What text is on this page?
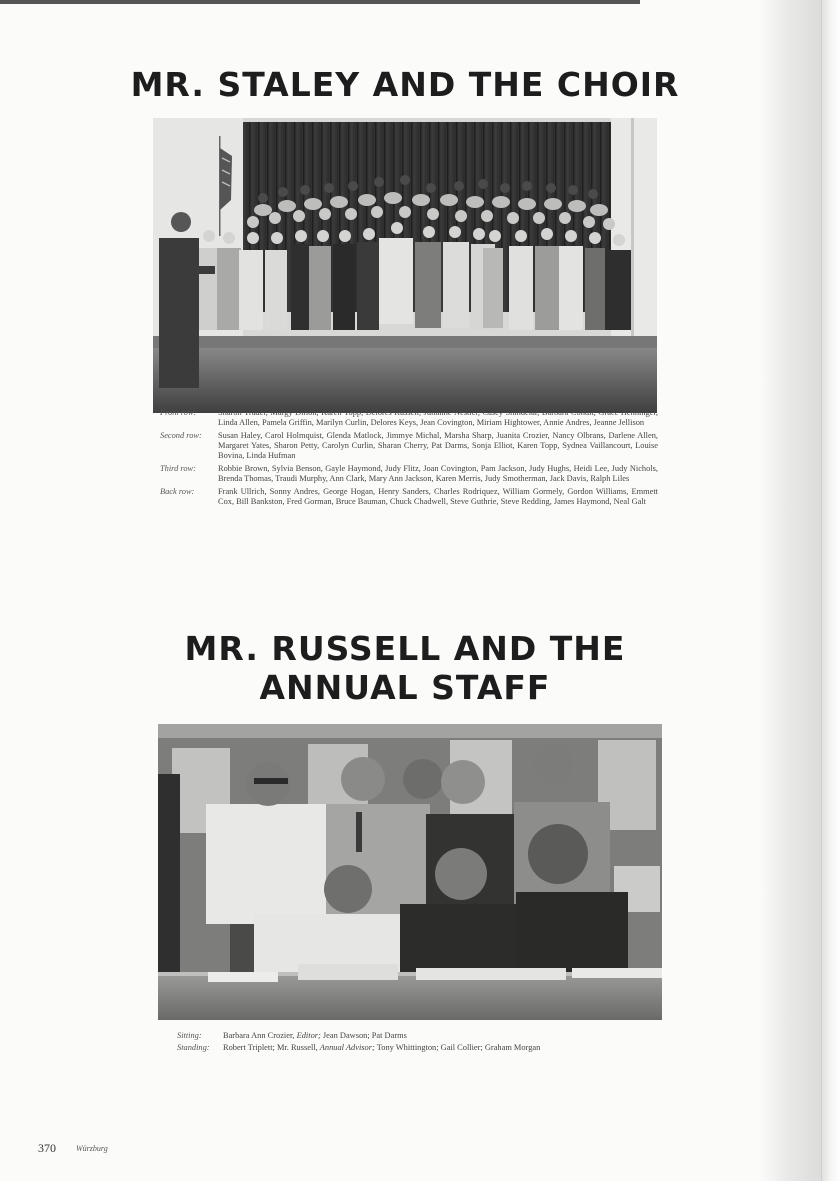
MR. STALEY AND THE CHOIR
Front row:	Sharon Trader, Margy Dillon, Karen Topp, Delores Russell, Julianne Nestler, Casey Shindelar, Barbara Condit, Grace Henninger, Linda Allen, Pamela Griffin, Marilyn Curlin, Delores Keys, Jean Covington, Miriam Hightower, Annie Andres, Jeanne Jellison
Second row:	Susan Haley, Carol Holmquist, Glenda Matlock, Jimmye Michal, Marsha Sharp, Juanita Crozier, Nancy Olbrans, Darlene Allen, Margaret Yates, Sharon Petty, Carolyn Curlin, Sharan Cherry, Pat Darms, Sonja Elliot, Karen Topp, Sydnea Vaillancourt, Louise Bovina, Linda Hufman
Third row:	Robbie Brown, Sylvia Benson, Gayle Haymond, Judy Flitz, Joan Covington, Pam Jackson, Judy Hughs, Heidi Lee, Judy Nichols, Brenda Thomas, Traudi Murphy, Ann Clark, Mary Ann Jackson, Karen Merris, Judy Smotherman, Jack Davis, Ralph Liles
Back row:	Frank Ullrich, Sonny Andres, George Hogan, Henry Sanders, Charles Rodriquez, William Gormely, Gordon Williams, Emmett Cox, Bill Bankston, Fred Gorman, Bruce Bauman, Chuck Chadwell, Steve Guthrie, Steve Redding, James Haymond, Neal Galt
MR. RUSSELL AND THE
ANNUAL STAFF
Sitting:	Barbara Ann Crozier, Editor; Jean Dawson; Pat Darms
Standing:	Robert Triplett; Mr. Russell, Annual Advisor; Tony Whittington; Gail Collier; Graham Morgan
370	Würzburg
